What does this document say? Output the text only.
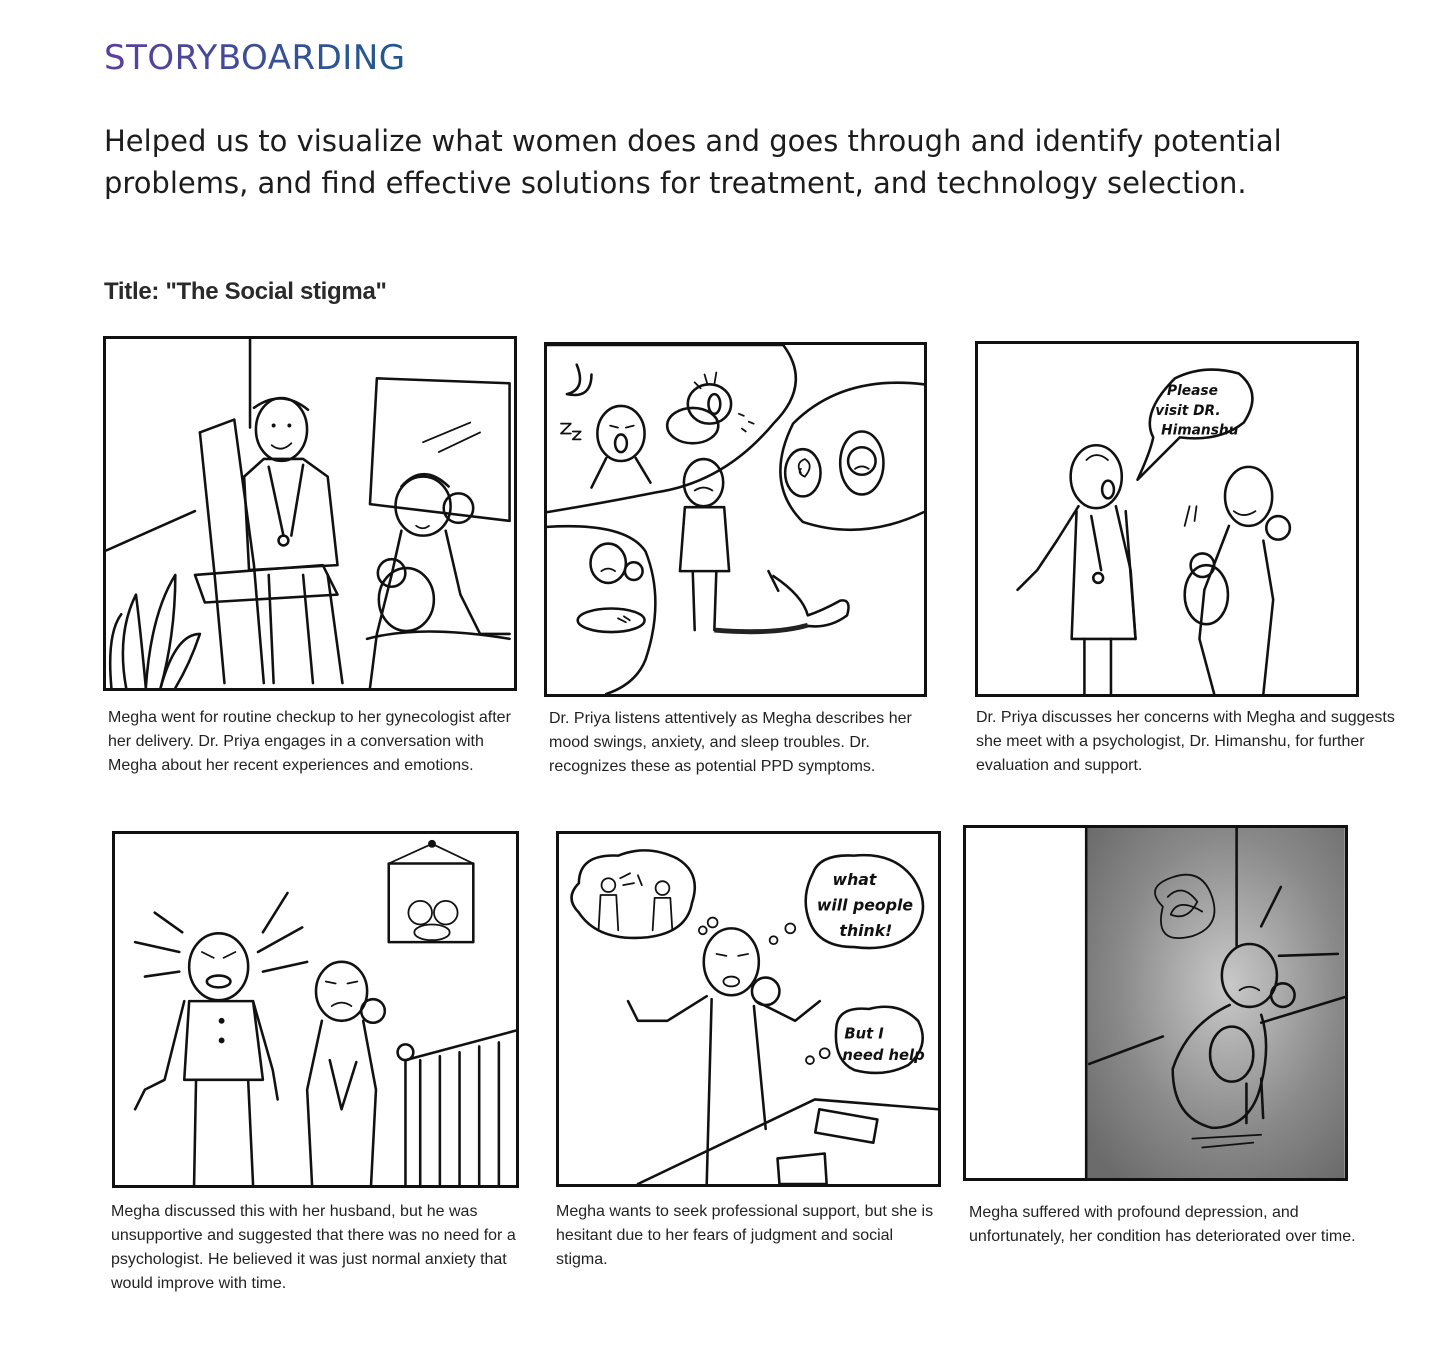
STORYBOARDING

Helped us to visualize what women does and goes through and identify potential problems, and find effective solutions for treatment, and technology selection.

Title: "The Social stigma"

Megha went for routine checkup to her gynecologist after her delivery. Dr. Priya engages in a conversation with Megha about her recent experiences and emotions.

Dr. Priya listens attentively as Megha describes her mood swings, anxiety, and sleep troubles. Dr. recognizes these as potential PPD symptoms.

Please visit DR. Himanshu

Dr. Priya discusses her concerns with Megha and suggests she meet with a psychologist, Dr. Himanshu, for further evaluation and support.

Megha discussed this with her husband, but he was unsupportive and suggested that there was no need for a psychologist. He believed it was just normal anxiety that would improve with time.

what will people think!
But I need help

Megha wants to seek professional support, but she is hesitant due to her fears of judgment and social stigma.

Megha suffered with profound depression, and unfortunately, her condition has deteriorated over time.
